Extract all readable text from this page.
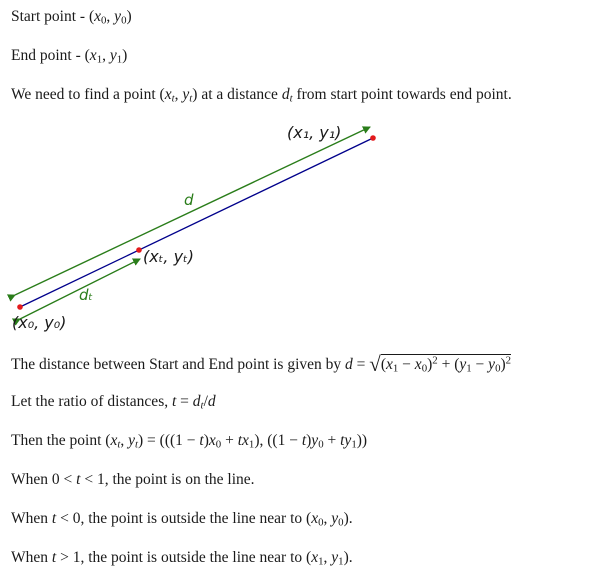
Start point - ($x_0$, $y_0$)
End point - ($x_1$, $y_1$)
We need to find a point ($x_t$, $y_t$) at a distance $d_t$ from start point towards end point.
(x₁, y₁)
(xₜ, yₜ)
(x₀, y₀)
d
dₜ
The distance between Start and End point is given by $d = √(x_1 - x_0)^2 + (y_1 - y_0)^2$
Let the ratio of distances, $t = d_t/d$
Then the point ($x_t$, $y_t) = (((1 - t)x_0 + tx_1)$, $((1 - t)y_0 + ty_1)$)
When 0 < t < 1, the point is on the line.
When t < 0, the point is outside the line near to ($x_0$, $y_0$).
When t > 1, the point is outside the line near to ($x_1$, $y_1$).
